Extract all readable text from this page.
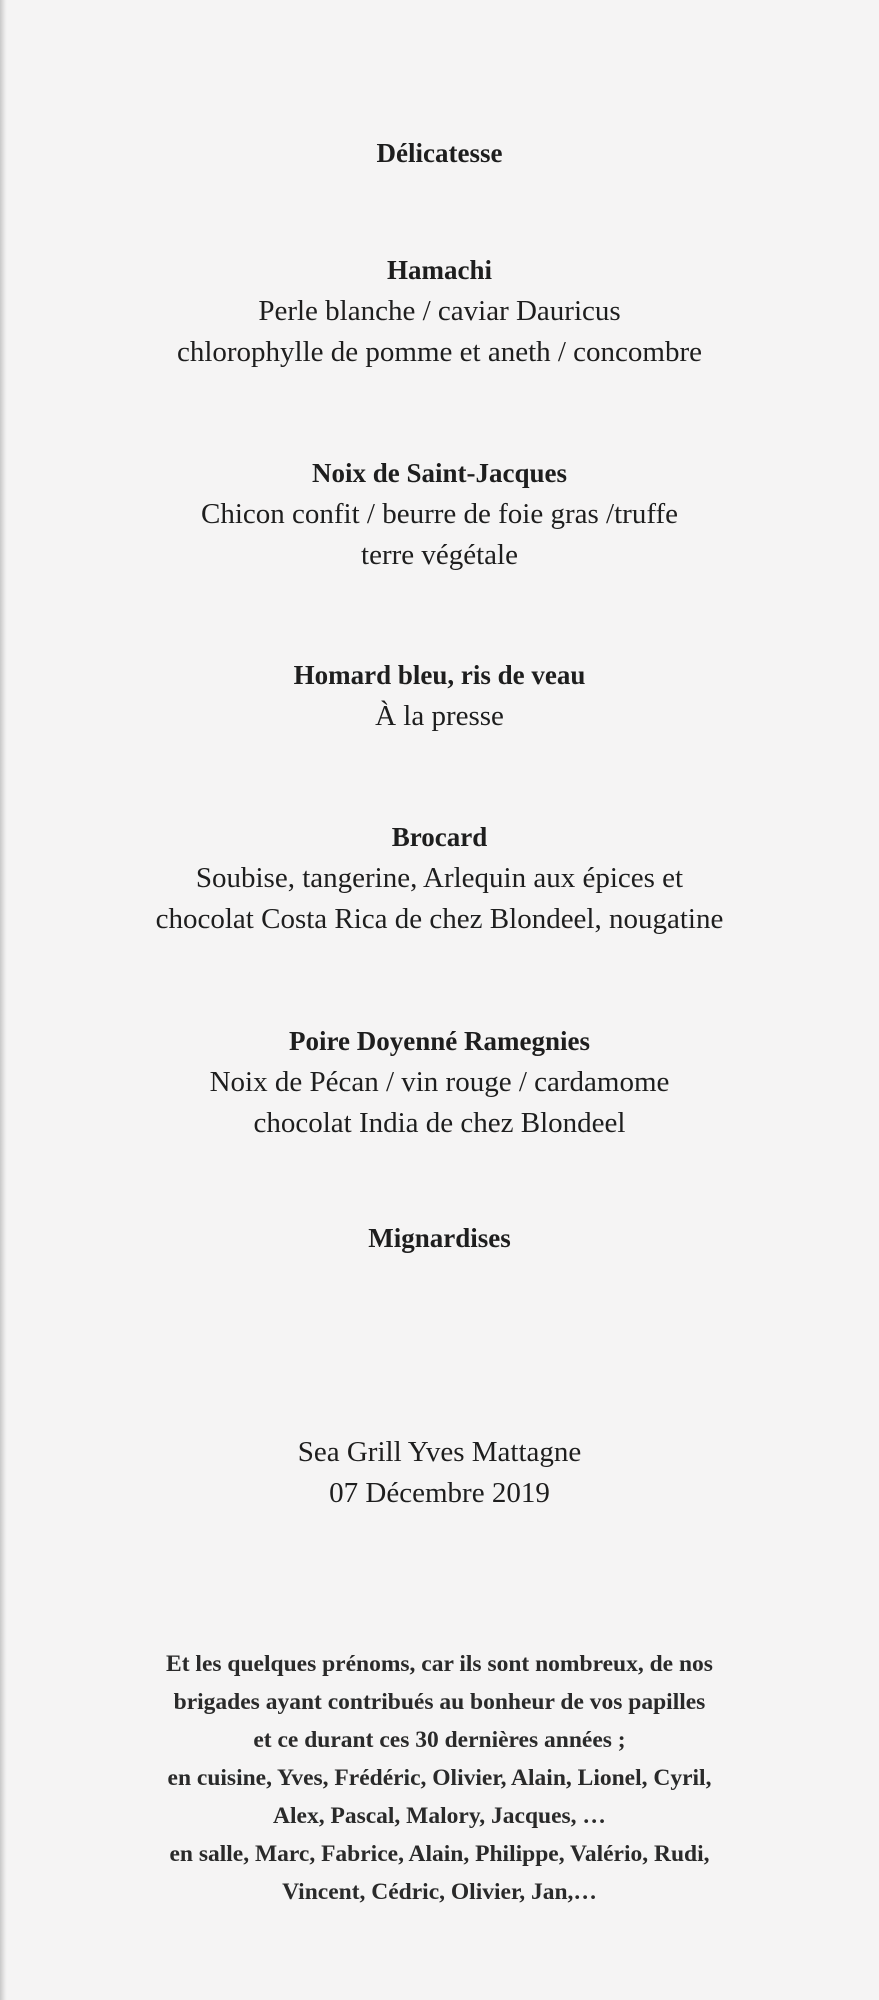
Délicatesse
Hamachi
Perle blanche / caviar Dauricus
chlorophylle de pomme et aneth / concombre
Noix de Saint-Jacques
Chicon confit / beurre de foie gras /truffe
terre végétale
Homard bleu, ris de veau
À la presse
Brocard
Soubise, tangerine, Arlequin aux épices et
chocolat Costa Rica de chez Blondeel, nougatine
Poire Doyenné Ramegnies
Noix de Pécan / vin rouge / cardamome
chocolat India de chez Blondeel
Mignardises
Sea Grill Yves Mattagne
07 Décembre 2019
Et les quelques prénoms, car ils sont nombreux, de nos
brigades ayant contribués au bonheur de vos papilles
et ce durant ces 30 dernières années ;
en cuisine, Yves, Frédéric, Olivier, Alain, Lionel, Cyril,
Alex, Pascal, Malory, Jacques, …
en salle, Marc, Fabrice, Alain, Philippe, Valério, Rudi,
Vincent, Cédric, Olivier, Jan,…
